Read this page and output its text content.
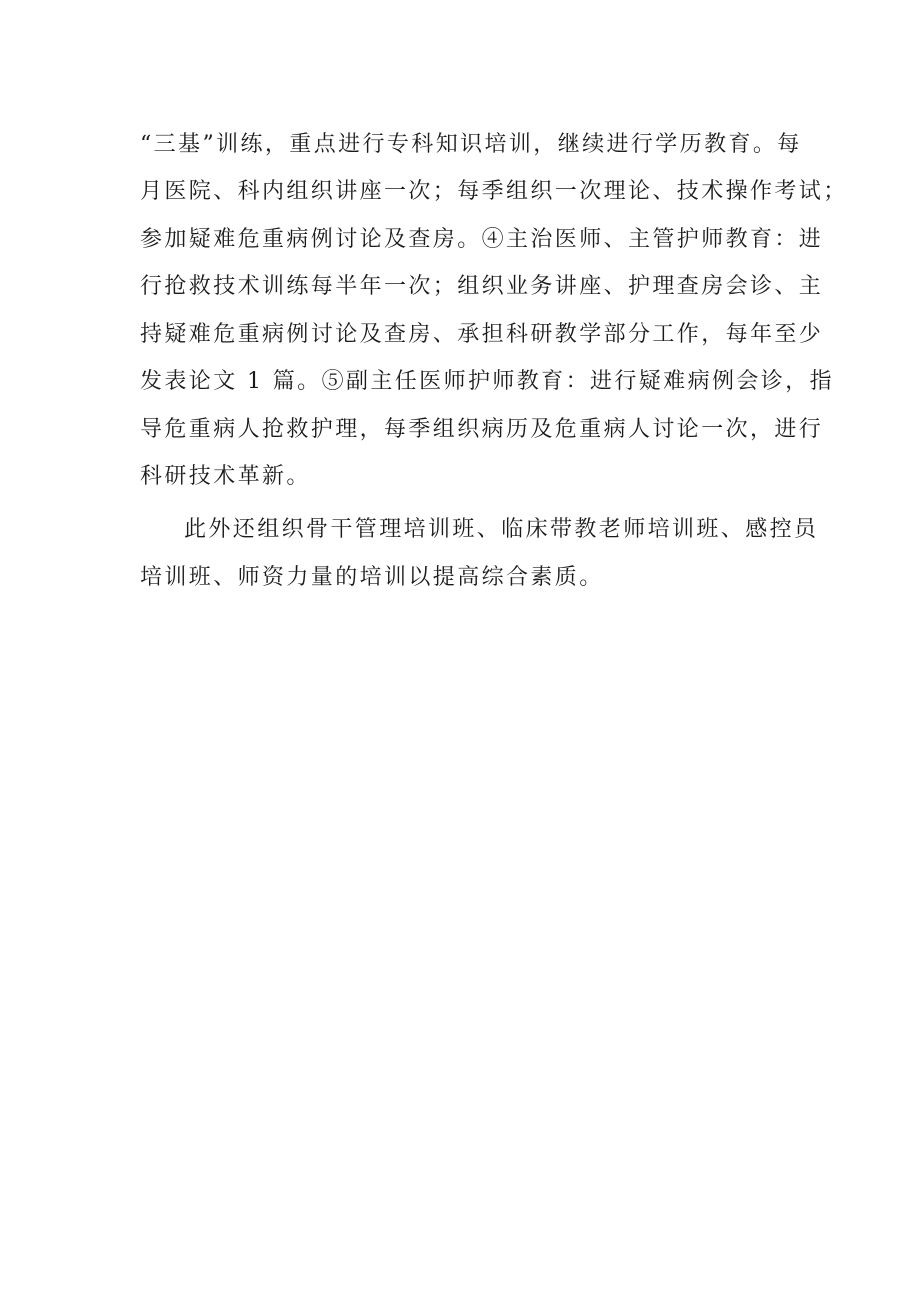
“三基”训练，重点进行专科知识培训，继续进行学历教育。每
月医院、科内组织讲座一次；每季组织一次理论、技术操作考试；
参加疑难危重病例讨论及查房。④主治医师、主管护师教育：进
行抢救技术训练每半年一次；组织业务讲座、护理查房会诊、主
持疑难危重病例讨论及查房、承担科研教学部分工作，每年至少
发表论文 1 篇。⑤副主任医师护师教育：进行疑难病例会诊，指
导危重病人抢救护理，每季组织病历及危重病人讨论一次，进行
科研技术革新。
此外还组织骨干管理培训班、临床带教老师培训班、感控员
培训班、师资力量的培训以提高综合素质。
